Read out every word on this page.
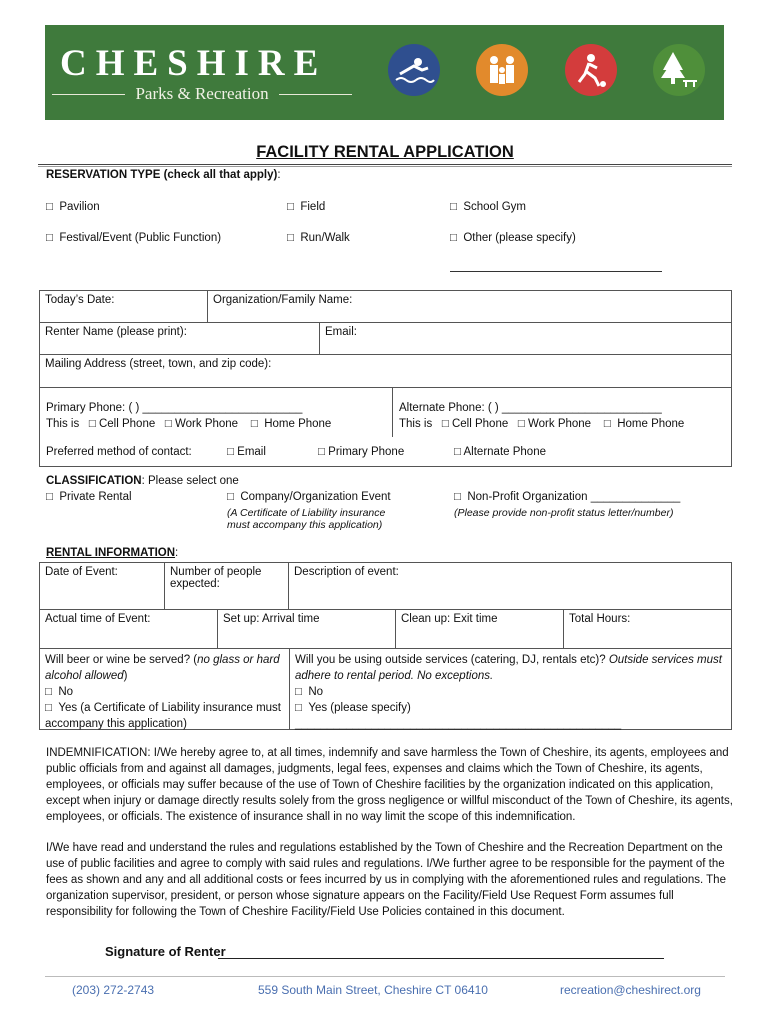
CHESHIRE
Parks & Recreation
FACILITY RENTAL APPLICATION
RESERVATION TYPE (check all that apply):
□ Pavilion	□ Field	□ School Gym
□ Festival/Event (Public Function)	□ Run/Walk	□ Other (please specify)
Today’s Date:	Organization/Family Name:
Renter Name (please print):	Email:
Mailing Address (street, town, and zip code):
Primary Phone: ( ) _________________________
This is □ Cell Phone □ Work Phone □ Home Phone
Alternate Phone: ( ) _________________________
This is □ Cell Phone □ Work Phone □ Home Phone
Preferred method of contact:	□ Email	□ Primary Phone	□ Alternate Phone
CLASSIFICATION: Please select one
□ Private Rental	□ Company/Organization Event
(A Certificate of Liability insurance
must accompany this application)
□ Non-Profit Organization ______________
(Please provide non-profit status letter/number)
RENTAL INFORMATION:
Date of Event:	Number of people
expected:
Description of event:
Actual time of Event:	Set up: Arrival time	Clean up: Exit time	Total Hours:
Will beer or wine be served? (no glass or hard
alcohol allowed)
□ No
□ Yes (a Certificate of Liability insurance must
accompany this application)
Will you be using outside services (catering, DJ, rentals etc)? Outside services must
adhere to rental period. No exceptions.
□ No
□ Yes (please specify) ___________________________________________________
INDEMNIFICATION: I/We hereby agree to, at all times, indemnify and save harmless the Town of Cheshire, its agents, employees and public officials from and against all damages, judgments, legal fees, expenses and claims which the Town of Cheshire, its agents, employees, or officials may suffer because of the use of Town of Cheshire facilities by the organization indicated on this application, except when injury or damage directly results solely from the gross negligence or willful misconduct of the Town of Cheshire, its agents, employees, or officials. The existence of insurance shall in no way limit the scope of this indemnification.
I/We have read and understand the rules and regulations established by the Town of Cheshire and the Recreation Department on the use of public facilities and agree to comply with said rules and regulations. I/We further agree to be responsible for the payment of the fees as shown and any and all additional costs or fees incurred by us in complying with the aforementioned rules and regulations. The organization supervisor, president, or person whose signature appears on the Facility/Field Use Request Form assumes full responsibility for following the Town of Cheshire Facility/Field Use Policies contained in this document.
Signature of Renter
(203) 272-2743	559 South Main Street, Cheshire CT 06410	recreation@cheshirect.org
